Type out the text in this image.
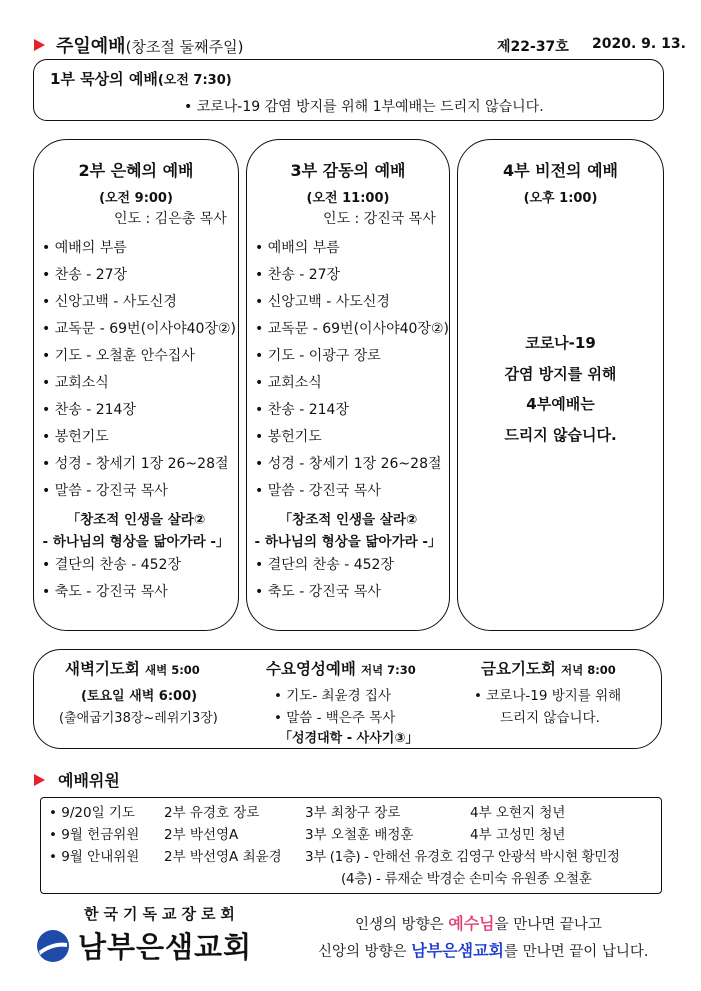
주일예배(창조절 둘째주일)	제22-37호 2020. 9. 13.
1부 묵상의 예배(오전 7:30)
• 코로나-19 감염 방지를 위해 1부예배는 드리지 않습니다.
2부 은혜의 예배
(오전 9:00)
인도 : 김은총 목사
• 예배의 부름
• 찬송 - 27장
• 신앙고백 - 사도신경
• 교독문 - 69번(이사야40장②)
• 기도 - 오철훈 안수집사
• 교회소식
• 찬송 - 214장
• 봉헌기도
• 성경 - 창세기 1장 26~28절
• 말씀 - 강진국 목사
「창조적 인생을 살라②
- 하나님의 형상을 닮아가라 -」
• 결단의 찬송 - 452장
• 축도 - 강진국 목사
3부 감동의 예배
(오전 11:00)
인도 : 강진국 목사
• 예배의 부름
• 찬송 - 27장
• 신앙고백 - 사도신경
• 교독문 - 69번(이사야40장②)
• 기도 - 이광구 장로
• 교회소식
• 찬송 - 214장
• 봉헌기도
• 성경 - 창세기 1장 26~28절
• 말씀 - 강진국 목사
「창조적 인생을 살라②
- 하나님의 형상을 닮아가라 -」
• 결단의 찬송 - 452장
• 축도 - 강진국 목사
4부 비전의 예배
(오후 1:00)
코로나-19
감염 방지를 위해
4부예배는
드리지 않습니다.
새벽기도회 새벽 5:00
(토요일 새벽 6:00)
(출애굽기38장~레위기3장)
수요영성예배 저녁 7:30
• 기도- 최윤경 집사
• 말씀 - 백은주 목사
「성경대학 - 사사기③」
금요기도회 저녁 8:00
• 코로나-19 방지를 위해
드리지 않습니다.
예배위원
• 9/20일 기도	2부 유경호 장로	3부 최창구 장로	4부 오현지 청년
• 9월 헌금위원	2부 박선영A	3부 오철훈 배정훈	4부 고성민 청년
• 9월 안내위원	2부 박선영A 최윤경	3부 (1층) - 안해선 유경호 김영구 안광석 박시현 황민정
(4층) - 류재순 박경순 손미숙 유원종 오철훈
한국기독교장로회
남부은샘교회
인생의 방향은 예수님을 만나면 끝나고
신앙의 방향은 남부은샘교회를 만나면 끝이 납니다.
